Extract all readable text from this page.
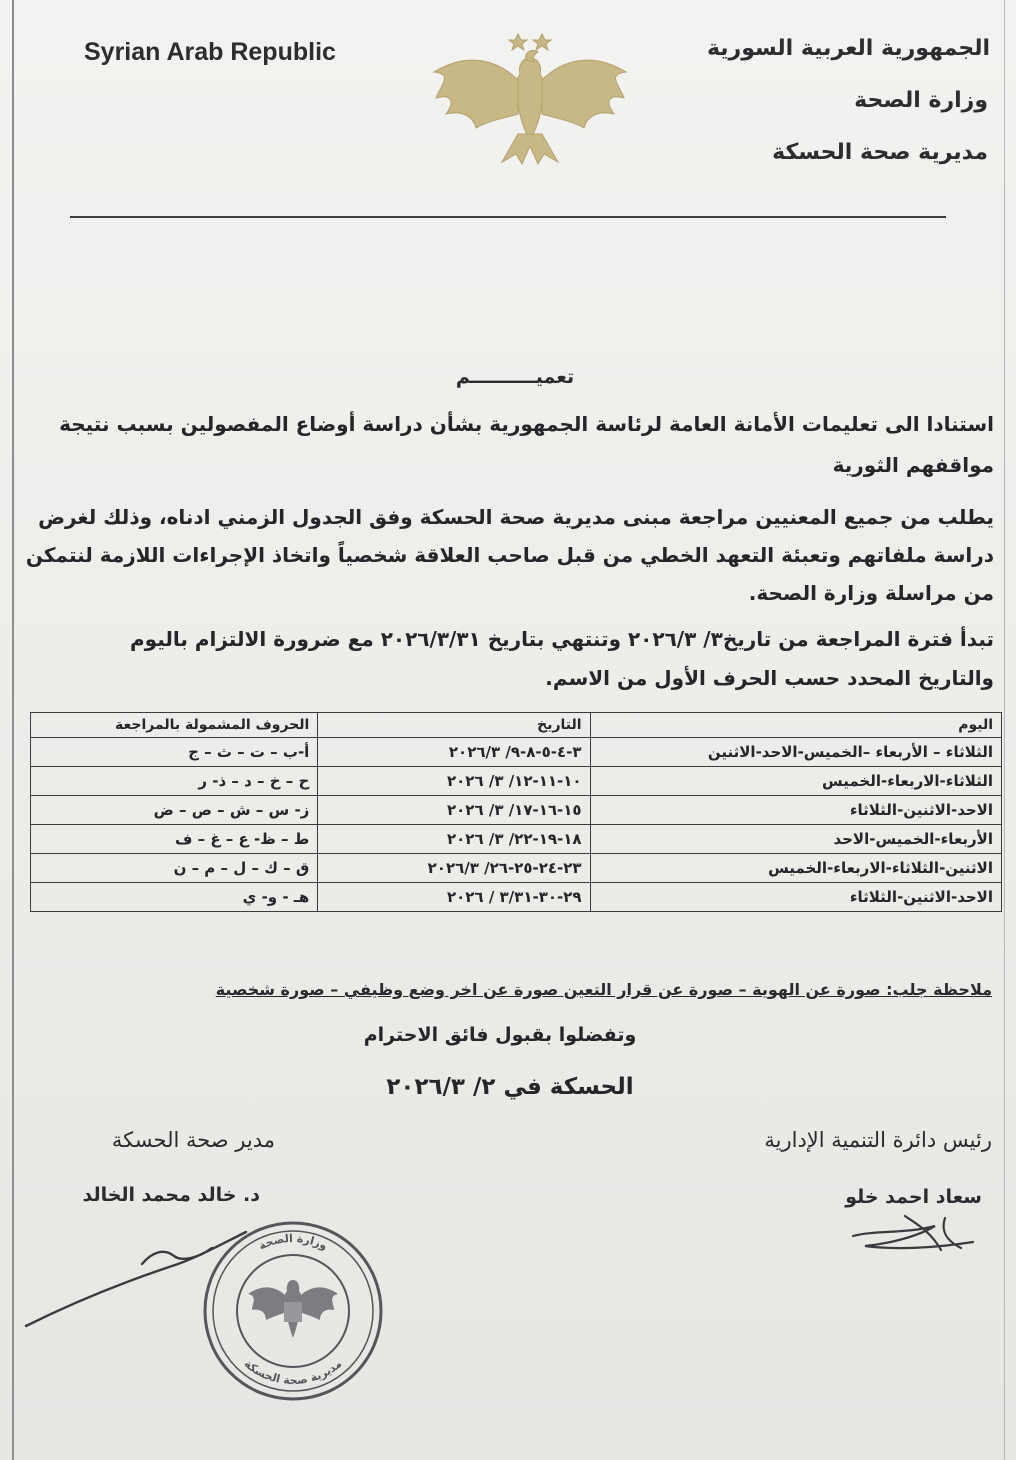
Syrian Arab Republic	الجمهورية العربية السورية
وزارة الصحة
مديرية صحة الحسكة
تعميــــــــــم
استنادا الى تعليمات الأمانة العامة لرئاسة الجمهورية بشأن دراسة أوضاع المفصولين بسبب نتيجة
مواقفهم الثورية
يطلب من جميع المعنيين مراجعة مبنى مديرية صحة الحسكة وفق الجدول الزمني ادناه، وذلك لغرض
دراسة ملفاتهم وتعبئة التعهد الخطي من قبل صاحب العلاقة شخصياً واتخاذ الإجراءات اللازمة لنتمكن
من مراسلة وزارة الصحة.
تبدأ فترة المراجعة من تاريخ٣/ ٢٠٢٦/٣ وتنتهي بتاريخ ٢٠٢٦/٣/٣١ مع ضرورة الالتزام باليوم
والتاريخ المحدد حسب الحرف الأول من الاسم.
اليوم	التاريخ	الحروف المشمولة بالمراجعة
الثلاثاء – الأربعاء –الخميس-الاحد-الاثنين	٣-٤-٥-٨-٩/ ٢٠٢٦/٣	أ-ب – ت – ث – ج
الثلاثاء-الاربعاء-الخميس	١٠-١١-١٢/ ٣/ ٢٠٢٦	ح – خ – د – ذ- ر
الاحد-الاثنين-الثلاثاء	١٥-١٦-١٧/ ٣/ ٢٠٢٦	ز- س – ش – ص – ض
الأربعاء-الخميس-الاحد	١٨-١٩-٢٢/ ٣/ ٢٠٢٦	ط – ظ- ع – غ – ف
الاثنين-الثلاثاء-الاربعاء-الخميس	٢٣-٢٤-٢٥-٢٦/ ٢٠٢٦/٣	ق – ك – ل – م – ن
الاحد-الاثنين-الثلاثاء	٢٩-٣٠-٣/٣١ / ٢٠٢٦	هـ - و- ي
ملاحظة جلب: صورة عن الهوية – صورة عن قرار التعين صورة عن اخر وضع وظيفي – صورة شخصية
وتفضلوا بقبول فائق الاحترام
الحسكة في ٢/ ٢٠٢٦/٣
رئيس دائرة التنمية الإدارية
سعاد احمد خلو
مدير صحة الحسكة
د. خالد محمد الخالد
وزارة الصحة
مديرية صحة الحسكة
